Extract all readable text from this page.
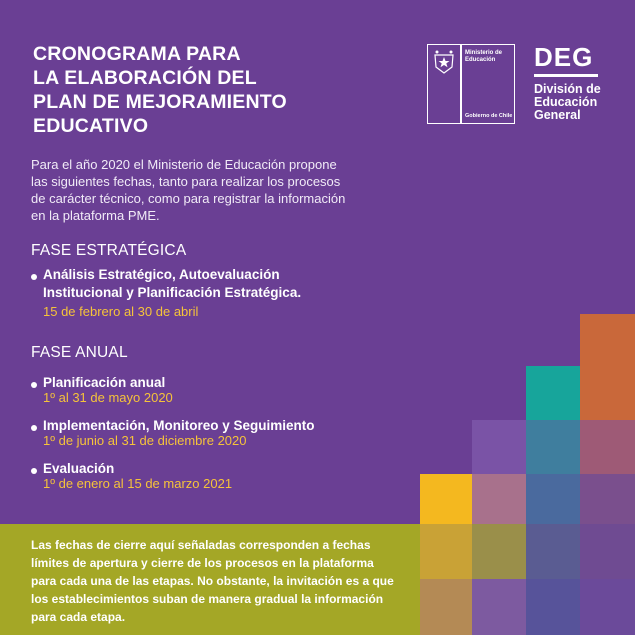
CRONOGRAMA PARA
LA ELABORACIÓN DEL
PLAN DE MEJORAMIENTO
EDUCATIVO
Ministerio de Educación
Gobierno de Chile
DEG
División de
Educación
General
Para el año 2020 el Ministerio de Educación propone las siguientes fechas, tanto para realizar los procesos de carácter técnico, como para registrar la información en la plataforma PME.
FASE ESTRATÉGICA
Análisis Estratégico, Autoevaluación
Institucional y Planificación Estratégica.
15 de febrero al 30 de abril
FASE ANUAL
Planificación anual
1º al 31 de mayo 2020
Implementación, Monitoreo y Seguimiento
1º de junio al 31 de diciembre 2020
Evaluación
1º de enero al 15 de marzo 2021
Las fechas de cierre aquí señaladas corresponden a fechas límites de apertura y cierre de los procesos en la plataforma para cada una de las etapas. No obstante, la invitación es a que los establecimientos suban de manera gradual la información para cada etapa.
